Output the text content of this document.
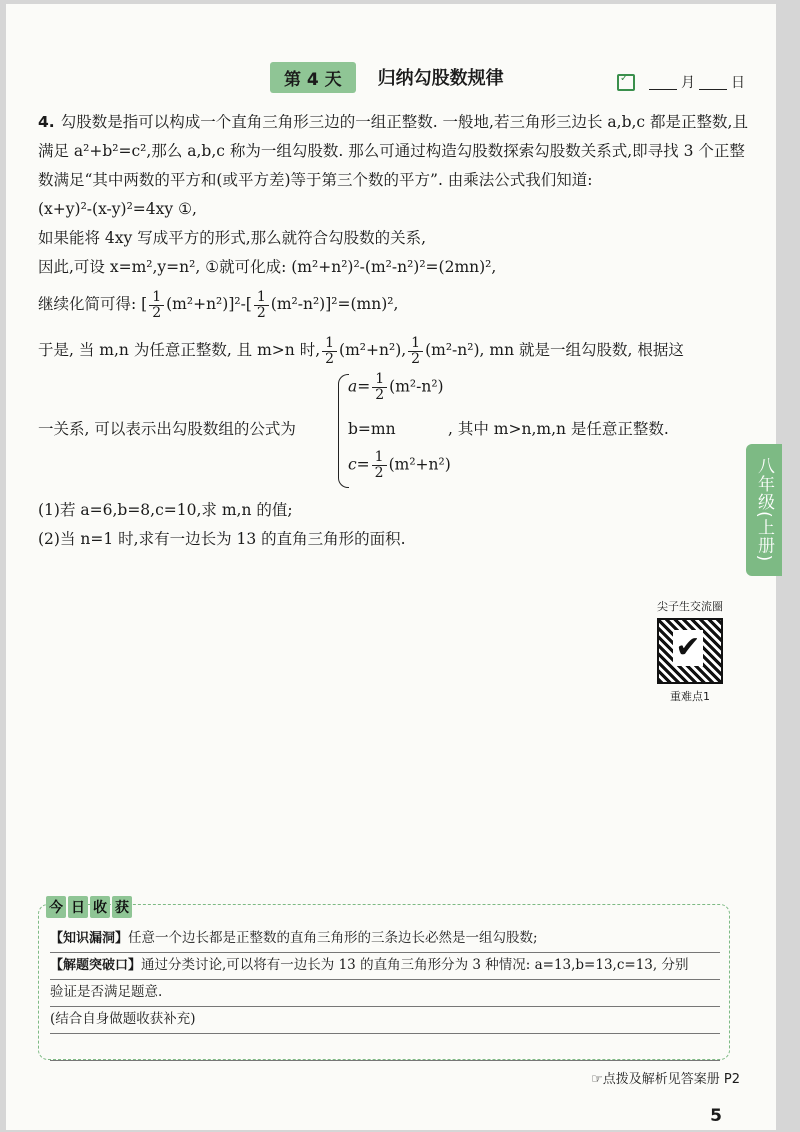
第 4 天	归纳勾股数规律
✓	月	日
八年级(上册)

4. 勾股数是指可以构成一个直角三角形三边的一组正整数. 一般地,若三角形三边长 a,b,c 都是正整数,且满足 a²+b²=c²,那么 a,b,c 称为一组勾股数. 那么可通过构造勾股数探索勾股数关系式,即寻找 3 个正整数满足“其中两数的平方和(或平方差)等于第三个数的平方”. 由乘法公式我们知道:

(x+y)²-(x-y)²=4xy ①,

如果能将 4xy 写成平方的形式,那么就符合勾股数的关系,

因此,可设 x=m²,y=n², ①就可化成: (m²+n²)²-(m²-n²)²=(2mn)²,

继续化简可得: [ $\frac{1}{2} (m^2+n^2)]^2-[ \frac{1}{2} (m^2-n^2)]^2=(mn)^2$,

于是, 当 m,n 为任意正整数, 且 m>n 时, $\frac{1}{2} (m^2+n^2)$, $\frac{1}{2} (m^2-n^2)$, mn 就是一组勾股数, 根据这

一关系, 可以表示出勾股数组的公式为
$a= \frac{1}{2} (m^2-n^2)$
b=mn
$c= \frac{1}{2} (m^2+n^2)$
, 其中 m>n,m,n 是任意正整数.

(1)若 a=6,b=8,c=10,求 m,n 的值;

(2)当 n=1 时,求有一边长为 13 的直角三角形的面积.

尖子生交流圈
✔
重难点1
今 日 收 获
【知识漏洞】任意一个边长都是正整数的直角三角形的三条边长必然是一组勾股数;
【解题突破口】通过分类讨论,可以将有一边长为 13 的直角三角形分为 3 种情况: a=13,b=13,c=13, 分别
验证是否满足题意.
(结合自身做题收获补充)
☞点拨及解析见答案册 P2
5
